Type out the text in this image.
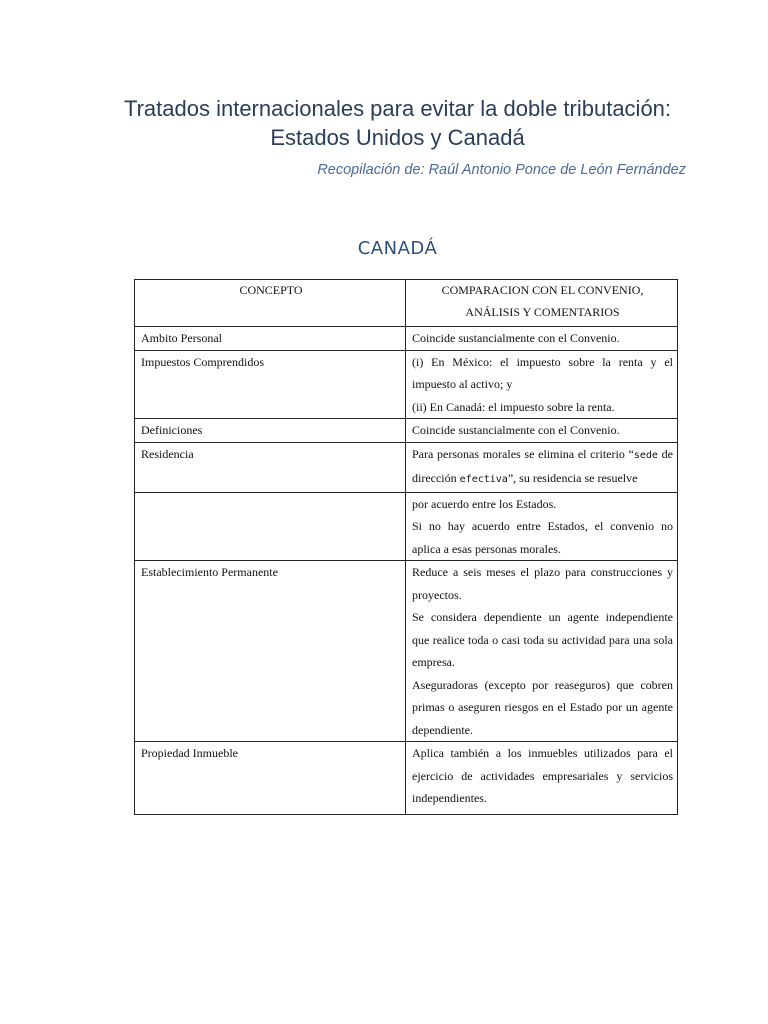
Tratados internacionales para evitar la doble tributación:
Estados Unidos y Canadá
Recopilación de: Raúl Antonio Ponce de León Fernández
CANADÁ
CONCEPTO	COMPARACION CON EL CONVENIO,
ANÁLISIS Y COMENTARIOS

Ambito Personal	Coincide sustancialmente con el Convenio.

Impuestos Comprendidos	(i) En México: el impuesto sobre la renta y el impuesto al activo; y

(ii) En Canadá: el impuesto sobre la renta.

Definiciones	Coincide sustancialmente con el Convenio.

Residencia	Para personas morales se elimina el criterio “sede de dirección efectiva”, su residencia se resuelve

	por acuerdo entre los Estados.

Si no hay acuerdo entre Estados, el convenio no aplica a esas personas morales.

Establecimiento Permanente	Reduce a seis meses el plazo para construcciones y proyectos.

Se considera dependiente un agente independiente que realice toda o casi toda su actividad para una sola empresa.

Aseguradoras (excepto por reaseguros) que cobren primas o aseguren riesgos en el Estado por un agente dependiente.

Propiedad Inmueble	Aplica también a los inmuebles utilizados para el ejercicio de actividades empresariales y servicios independientes.
